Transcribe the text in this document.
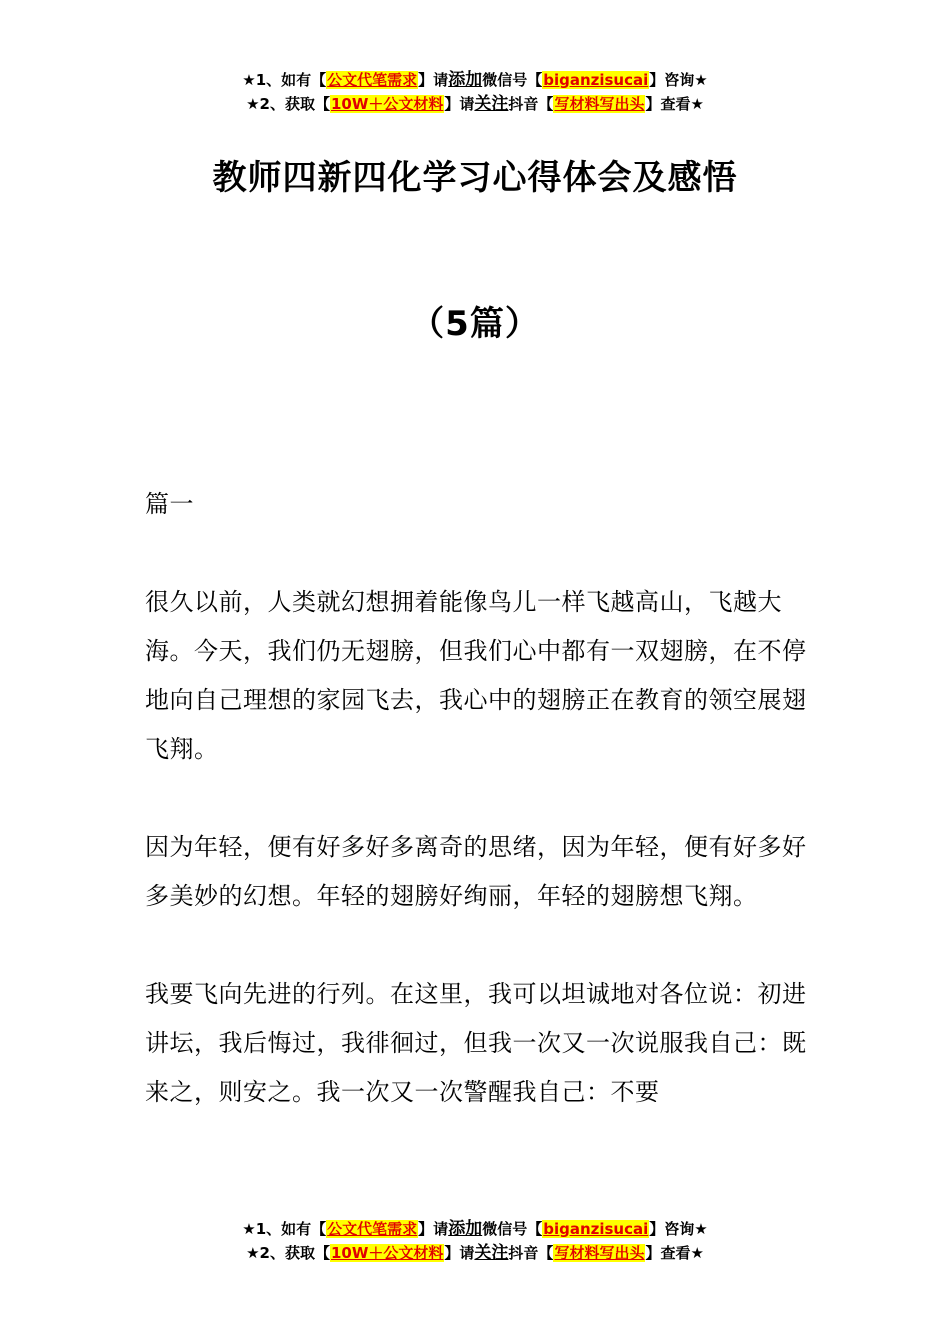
★1、如有【公文代笔需求】请添加微信号【biganzisucai】咨询★
★2、获取【10W＋公文材料】请关注抖音【写材料写出头】查看★
教师四新四化学习心得体会及感悟
（5篇）

篇一

很久以前，人类就幻想拥着能像鸟儿一样飞越高山，飞越大海。今天，我们仍无翅膀，但我们心中都有一双翅膀，在不停地向自己理想的家园飞去，我心中的翅膀正在教育的领空展翅飞翔。

因为年轻，便有好多好多离奇的思绪，因为年轻，便有好多好多美妙的幻想。年轻的翅膀好绚丽，年轻的翅膀想飞翔。

我要飞向先进的行列。在这里，我可以坦诚地对各位说：初进讲坛，我后悔过，我徘徊过，但我一次又一次说服我自己：既来之，则安之。我一次又一次警醒我自己：不要

★1、如有【公文代笔需求】请添加微信号【biganzisucai】咨询★
★2、获取【10W＋公文材料】请关注抖音【写材料写出头】查看★
